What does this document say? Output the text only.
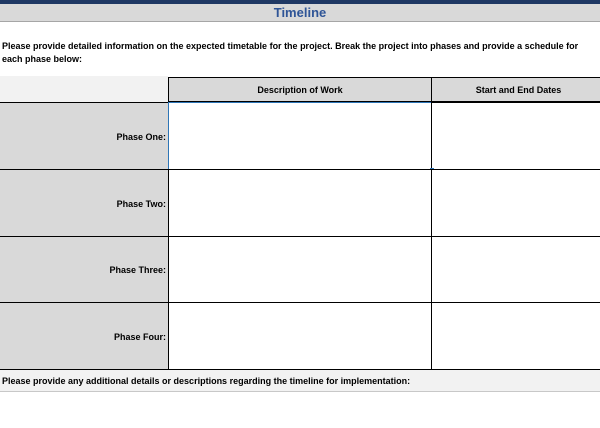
Timeline
Please provide detailed information on the expected timetable for the project. Break the project into phases and provide a schedule for each phase below:
Description of Work	Start and End Dates
Phase One:
Phase Two:
Phase Three:
Phase Four:
Please provide any additional details or descriptions regarding the timeline for implementation:
